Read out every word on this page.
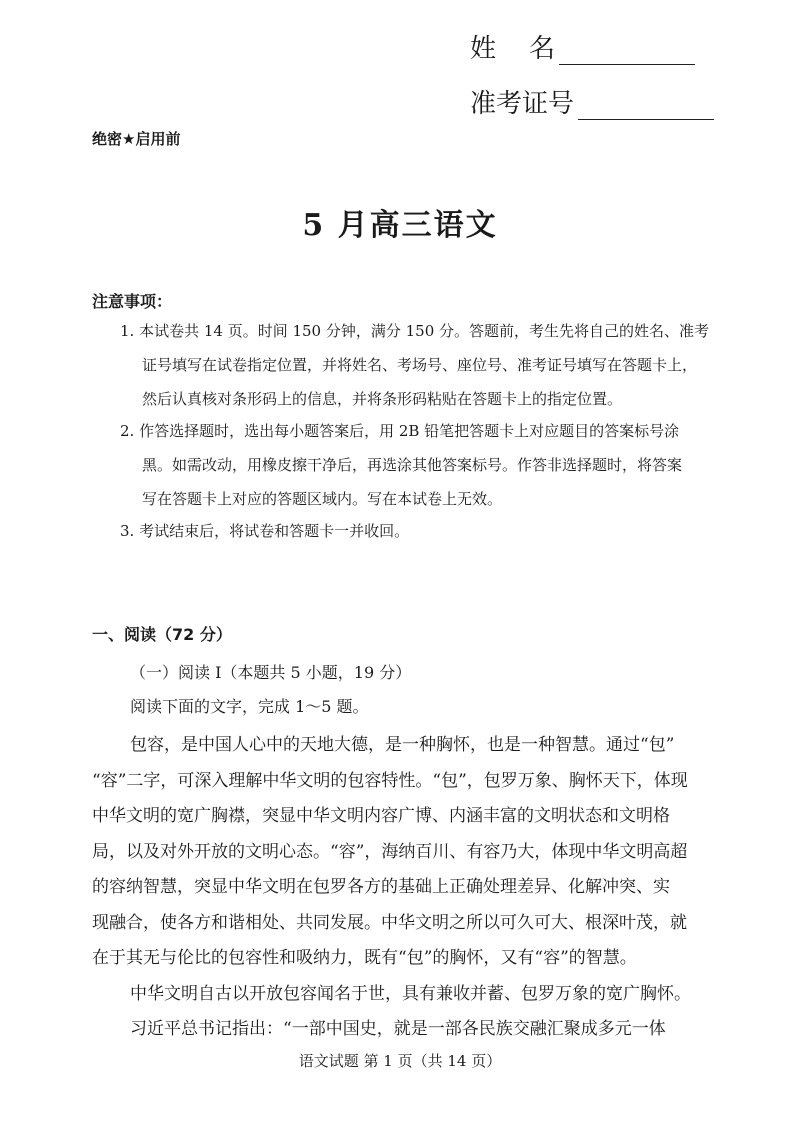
姓    名
准考证号
绝密★启用前
5 月高三语文
注意事项：
1. 本试卷共 14 页。时间 150 分钟，满分 150 分。答题前，考生先将自己的姓名、准考
证号填写在试卷指定位置，并将姓名、考场号、座位号、准考证号填写在答题卡上，
然后认真核对条形码上的信息，并将条形码粘贴在答题卡上的指定位置。
2. 作答选择题时，选出每小题答案后，用 2B 铅笔把答题卡上对应题目的答案标号涂
黑。如需改动，用橡皮擦干净后，再选涂其他答案标号。作答非选择题时，将答案
写在答题卡上对应的答题区域内。写在本试卷上无效。
3. 考试结束后，将试卷和答题卡一并收回。
一、阅读（72 分）
（一）阅读 Ⅰ（本题共 5 小题，19 分）
阅读下面的文字，完成 1～5 题。
包容，是中国人心中的天地大德，是一种胸怀，也是一种智慧。通过“包”
“容”二字，可深入理解中华文明的包容特性。“包”，包罗万象、胸怀天下，体现
中华文明的宽广胸襟，突显中华文明内容广博、内涵丰富的文明状态和文明格
局，以及对外开放的文明心态。“容”，海纳百川、有容乃大，体现中华文明高超
的容纳智慧，突显中华文明在包罗各方的基础上正确处理差异、化解冲突、实
现融合，使各方和谐相处、共同发展。中华文明之所以可久可大、根深叶茂，就
在于其无与伦比的包容性和吸纳力，既有“包”的胸怀，又有“容”的智慧。
中华文明自古以开放包容闻名于世，具有兼收并蓄、包罗万象的宽广胸怀。
习近平总书记指出：“一部中国史，就是一部各民族交融汇聚成多元一体
语文试题 第 1 页（共 14 页）
